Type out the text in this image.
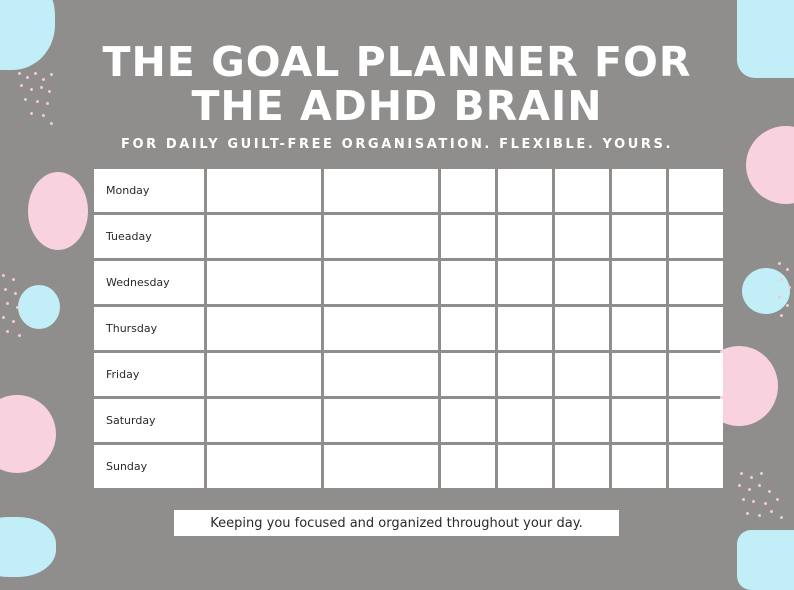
THE GOAL PLANNER FOR
THE ADHD BRAIN
FOR DAILY GUILT-FREE ORGANISATION. FLEXIBLE. YOURS.
Monday
Tueaday
Wednesday
Thursday
Friday
Saturday
Sunday
Keeping you focused and organized throughout your day.
